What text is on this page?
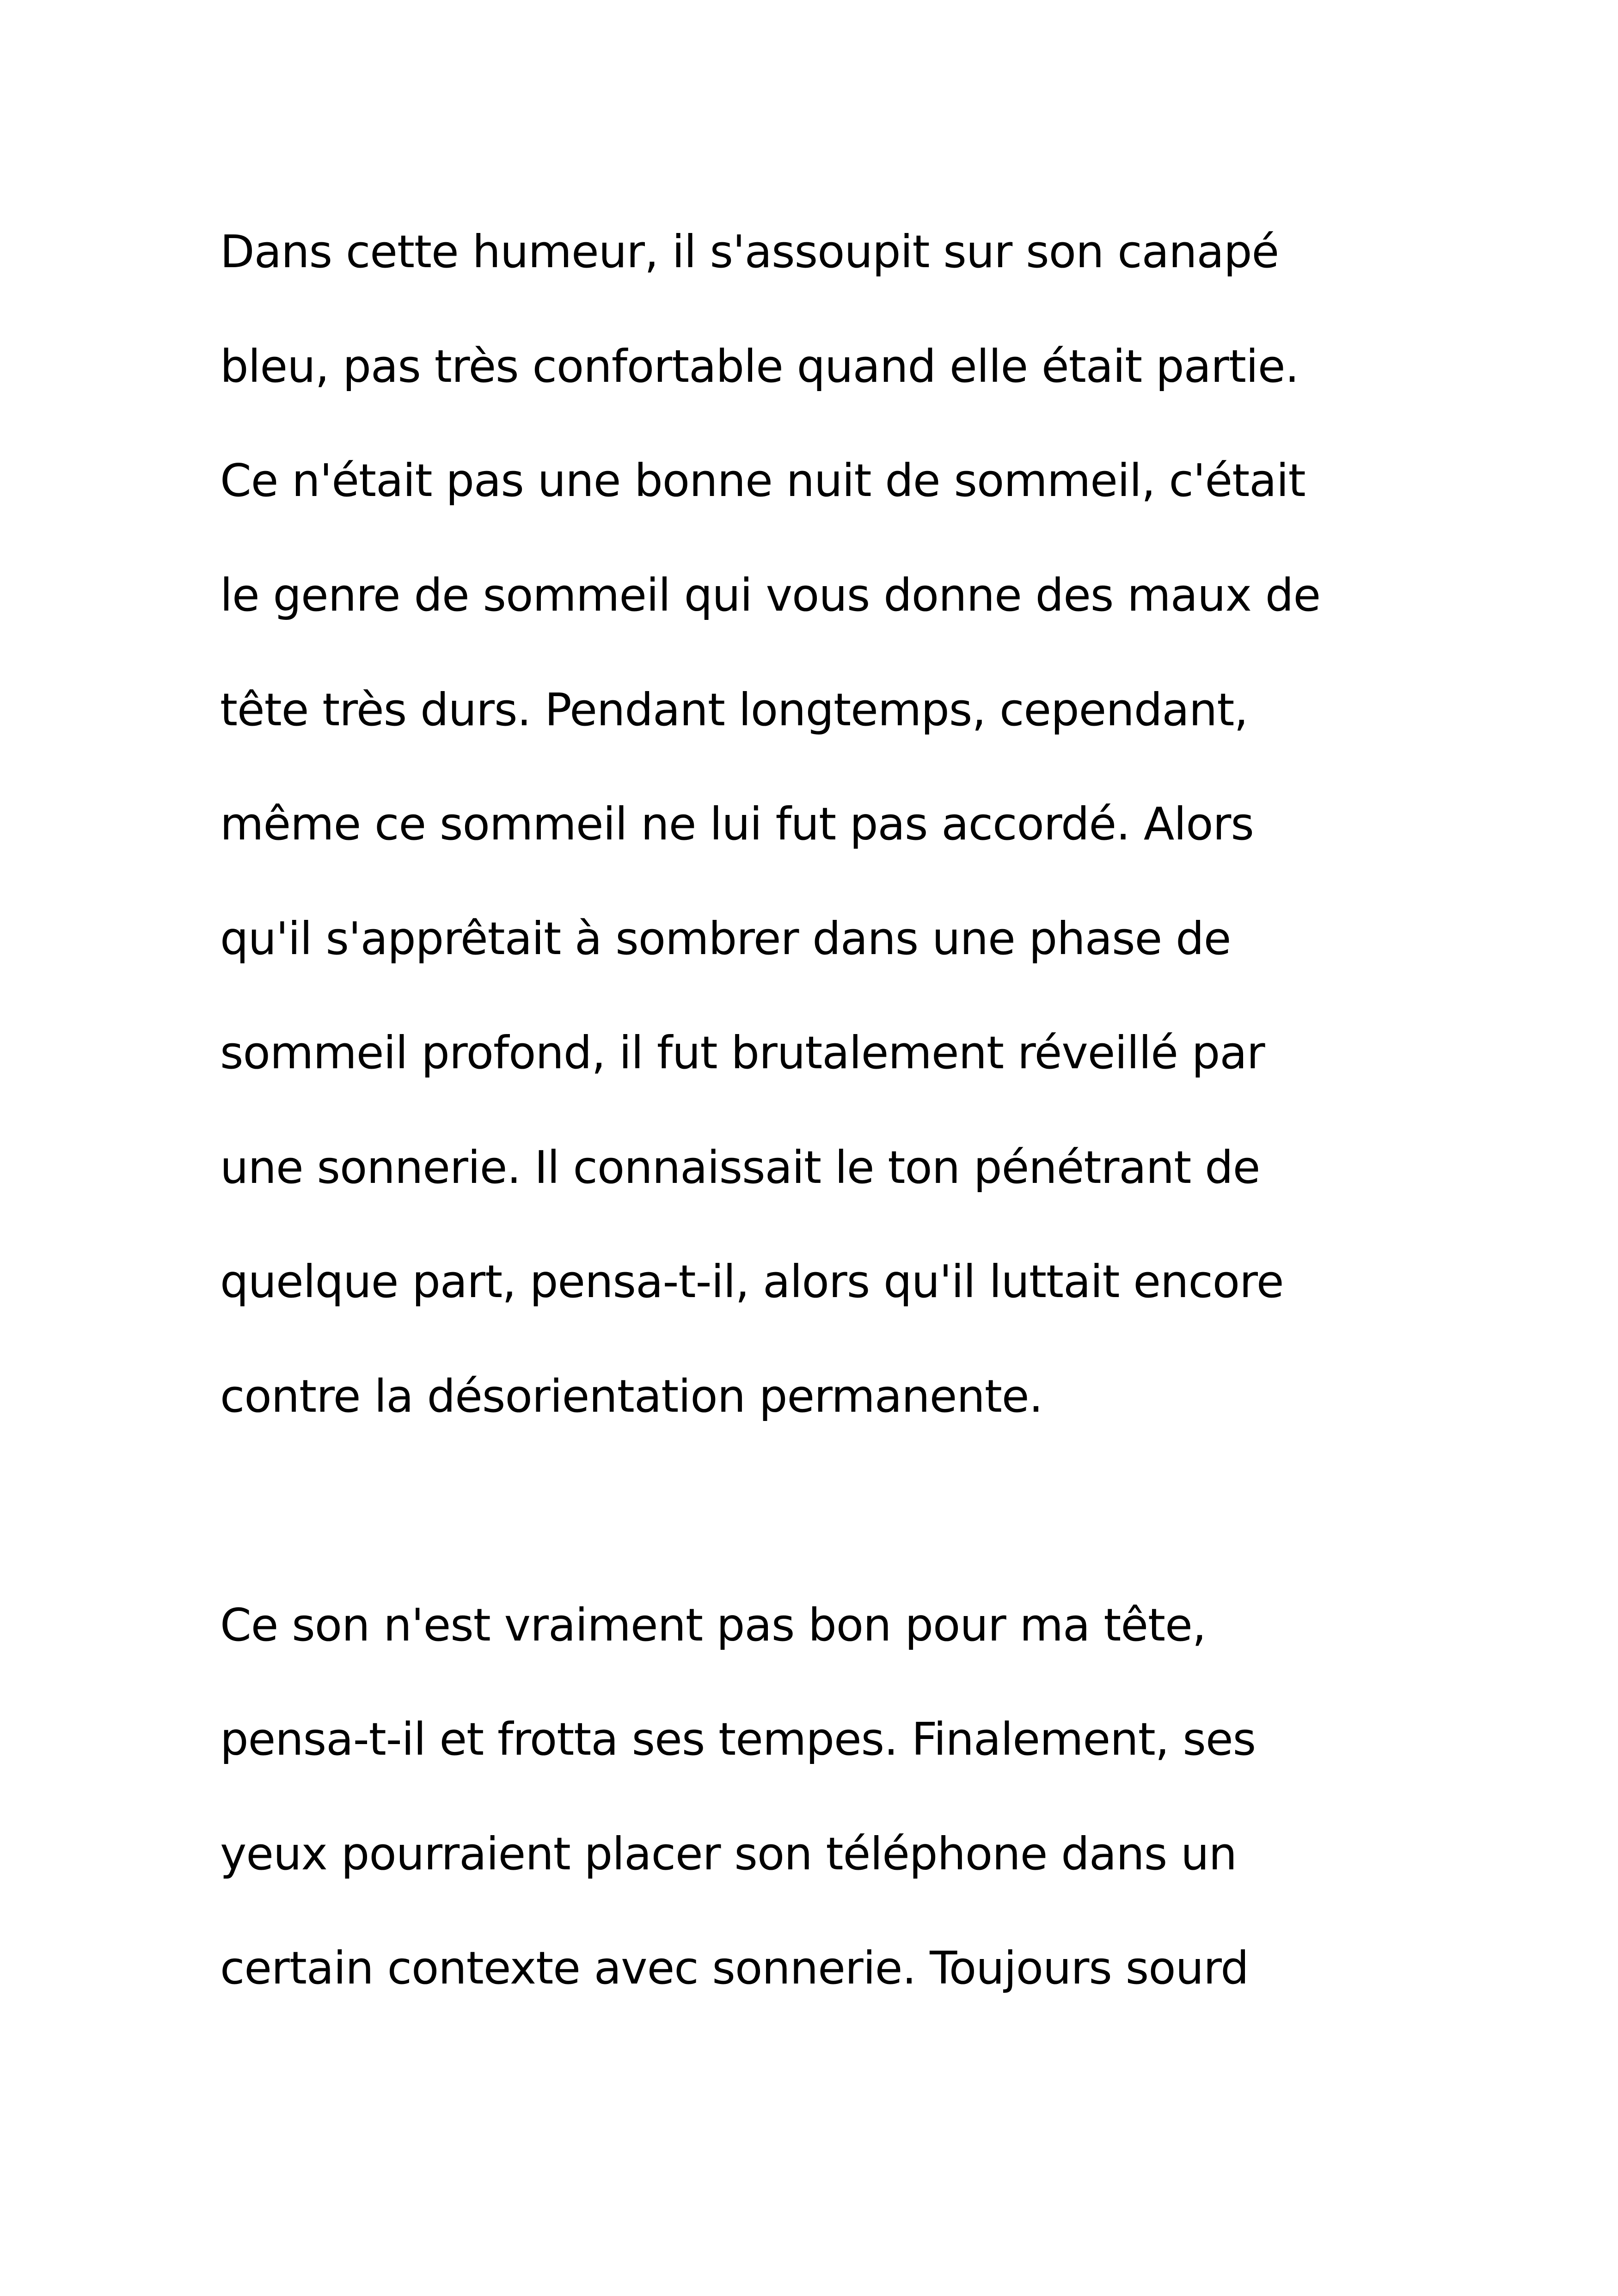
Dans cette humeur, il s'assoupit sur son canapé
bleu, pas très confortable quand elle était partie.
Ce n'était pas une bonne nuit de sommeil, c'était
le genre de sommeil qui vous donne des maux de
tête très durs. Pendant longtemps, cependant,
même ce sommeil ne lui fut pas accordé. Alors
qu'il s'apprêtait à sombrer dans une phase de
sommeil profond, il fut brutalement réveillé par
une sonnerie. Il connaissait le ton pénétrant de
quelque part, pensa-t-il, alors qu'il luttait encore
contre la désorientation permanente.
Ce son n'est vraiment pas bon pour ma tête,
pensa-t-il et frotta ses tempes. Finalement, ses
yeux pourraient placer son téléphone dans un
certain contexte avec sonnerie. Toujours sourd
